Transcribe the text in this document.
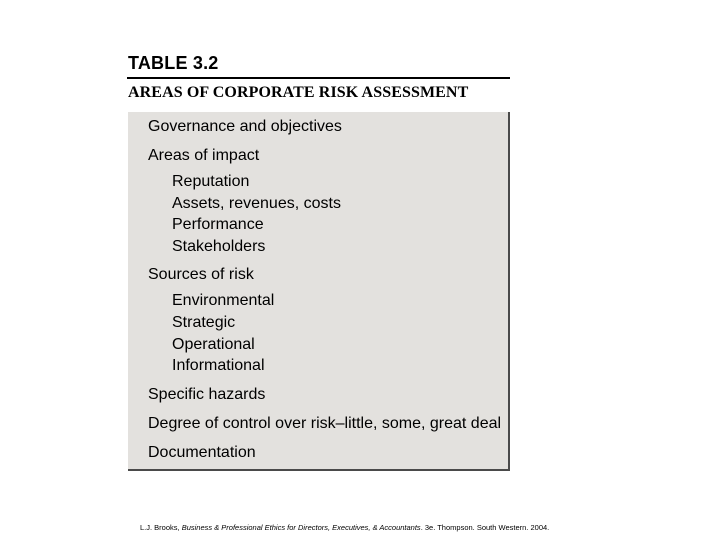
TABLE 3.2
AREAS OF CORPORATE RISK ASSESSMENT
Governance and objectives
Areas of impact
Reputation
Assets, revenues, costs
Performance
Stakeholders
Sources of risk
Environmental
Strategic
Operational
Informational
Specific hazards
Degree of control over risk–little, some, great deal
Documentation
L.J. Brooks, Business & Professional Ethics for Directors, Executives, & Accountants. 3e. Thompson. South Western. 2004.
